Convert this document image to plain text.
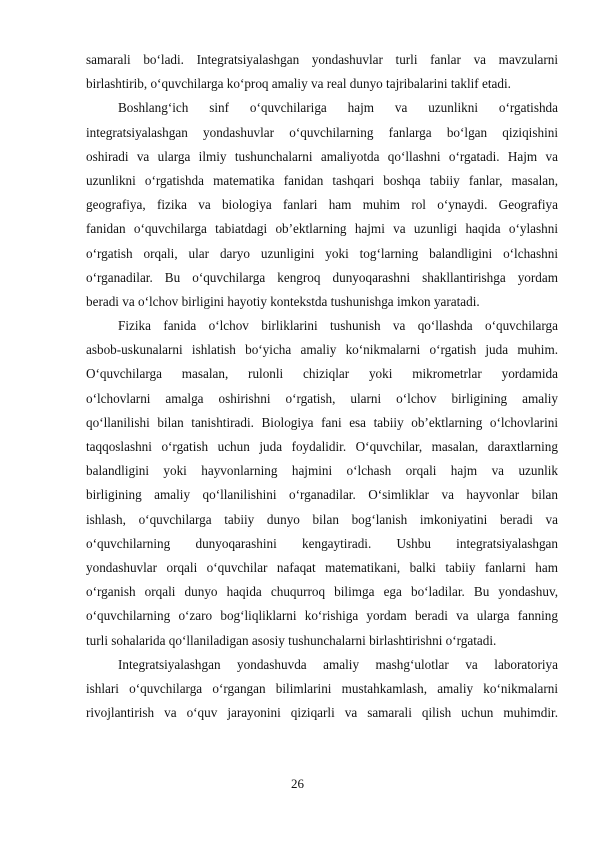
samarali bo‘ladi. Integratsiyalashgan yondashuvlar turli fanlar va mavzularni
birlashtirib, o‘quvchilarga ko‘proq amaliy va real dunyo tajribalarini taklif etadi.
Boshlang‘ich sinf o‘quvchilariga hajm va uzunlikni o‘rgatishda
integratsiyalashgan yondashuvlar o‘quvchilarning fanlarga bo‘lgan qiziqishini
oshiradi va ularga ilmiy tushunchalarni amaliyotda qo‘llashni o‘rgatadi. Hajm va
uzunlikni o‘rgatishda matematika fanidan tashqari boshqa tabiiy fanlar, masalan,
geografiya, fizika va biologiya fanlari ham muhim rol o‘ynaydi. Geografiya
fanidan o‘quvchilarga tabiatdagi ob’ektlarning hajmi va uzunligi haqida o‘ylashni
o‘rgatish orqali, ular daryo uzunligini yoki tog‘larning balandligini o‘lchashni
o‘rganadilar. Bu o‘quvchilarga kengroq dunyoqarashni shakllantirishga yordam
beradi va o‘lchov birligini hayotiy kontekstda tushunishga imkon yaratadi.
Fizika fanida o‘lchov birliklarini tushunish va qo‘llashda o‘quvchilarga
asbob-uskunalarni ishlatish bo‘yicha amaliy ko‘nikmalarni o‘rgatish juda muhim.
O‘quvchilarga masalan, rulonli chiziqlar yoki mikrometrlar yordamida
o‘lchovlarni amalga oshirishni o‘rgatish, ularni o‘lchov birligining amaliy
qo‘llanilishi bilan tanishtiradi. Biologiya fani esa tabiiy ob’ektlarning o‘lchovlarini
taqqoslashni o‘rgatish uchun juda foydalidir. O‘quvchilar, masalan, daraxtlarning
balandligini yoki hayvonlarning hajmini o‘lchash orqali hajm va uzunlik
birligining amaliy qo‘llanilishini o‘rganadilar. O‘simliklar va hayvonlar bilan
ishlash, o‘quvchilarga tabiiy dunyo bilan bog‘lanish imkoniyatini beradi va
o‘quvchilarning dunyoqarashini kengaytiradi. Ushbu integratsiyalashgan
yondashuvlar orqali o‘quvchilar nafaqat matematikani, balki tabiiy fanlarni ham
o‘rganish orqali dunyo haqida chuqurroq bilimga ega bo‘ladilar. Bu yondashuv,
o‘quvchilarning o‘zaro bog‘liqliklarni ko‘rishiga yordam beradi va ularga fanning
turli sohalarida qo‘llaniladigan asosiy tushunchalarni birlashtirishni o‘rgatadi.
Integratsiyalashgan yondashuvda amaliy mashg‘ulotlar va laboratoriya
ishlari o‘quvchilarga o‘rgangan bilimlarini mustahkamlash, amaliy ko‘nikmalarni
rivojlantirish va o‘quv jarayonini qiziqarli va samarali qilish uchun muhimdir.
26
